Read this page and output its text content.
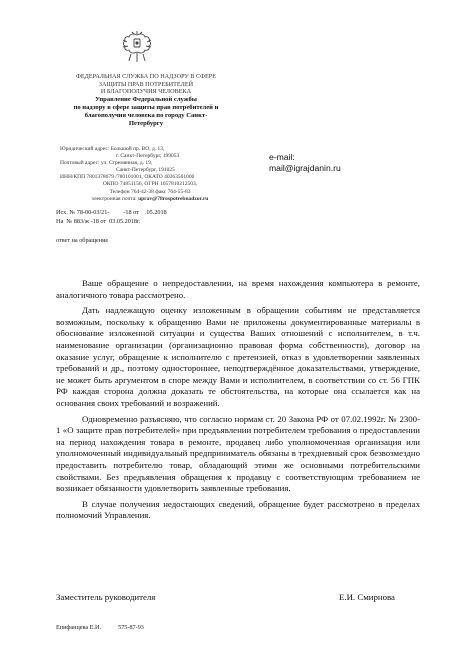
ФЕДЕРАЛЬНАЯ СЛУЖБА ПО НАДЗОРУ В СФЕРЕ
ЗАЩИТЫ ПРАВ ПОТРЕБИТЕЛЕЙ
И БЛАГОПОЛУЧИЯ ЧЕЛОВЕКА
Управление Федеральной службы
по надзору в сфере защиты прав потребителей и
благополучия человека по городу Санкт-
Петербургу
Юридический адрес: Большой пр. ВО, д. 13,
г. Санкт-Петербург, 199053
Почтовый адрес: ул. Стремянная, д. 19,
Санкт-Петербург, 191025
ИНН/КПП 7801378679 /780101001, ОКАТО 40263561000
ОКПО 74851156, ОГРН 1057810212503,
Телефон 764-42-38 факс 764-55-83
электронная почта: uprav@78rospotrebnadzor.ru
Исх. № 78-00-03/21-         -18 от    .05.2018
На  № 883/ж -18 от  03.05.2018г.
ответ на обращение
e-mail:
mail@igrajdanin.ru

Ваше обращение о непредоставлении, на время нахождения компьютера в ремонте, аналогичного товара рассмотрено.

Дать надлежащую оценку изложенным в обращении событиям не представляется возможным, поскольку к обращению Вами не приложены документированные материалы в обоснование изложенной ситуации и существа Ваших отношений с исполнителем, в т.ч. наименование организации (организационно правовая форма собственности), договор на оказание услуг, обращение к исполнителю с претензией, отказ в удовлетворении заявленных требований и др., поэтому одностороннее, неподтверждённое доказательствами, утверждение, не может быть аргументом в споре между Вами и исполнителем, в соответствии со ст. 56 ГПК РФ каждая сторона должна доказать те обстоятельства, на которые она ссылается как на основания своих требований и возражений.

Одновременно разъясняю, что согласно нормам ст. 20 Закона РФ от 07.02.1992г. № 2300-1 «О защите прав потребителей» при предъявлении потребителем требования о предоставлении на период нахождения товара в ремонте, продавец либо уполномоченная организация или уполномоченный индивидуальный предприниматель обязаны в трехдневный срок безвозмездно предоставить потребителю товар, обладающий этими же основными потребительскими свойствами. Без предъявления обращения к продавцу с соответствующим требованием не возникает обязанности удовлетворить заявленные требования.

В случае получения недостающих сведений, обращение будет рассмотрено в пределах полномочий Управления.

Заместитель руководителя	Е.И. Смирнова
Епифанцева Е.И.	575-87-93
